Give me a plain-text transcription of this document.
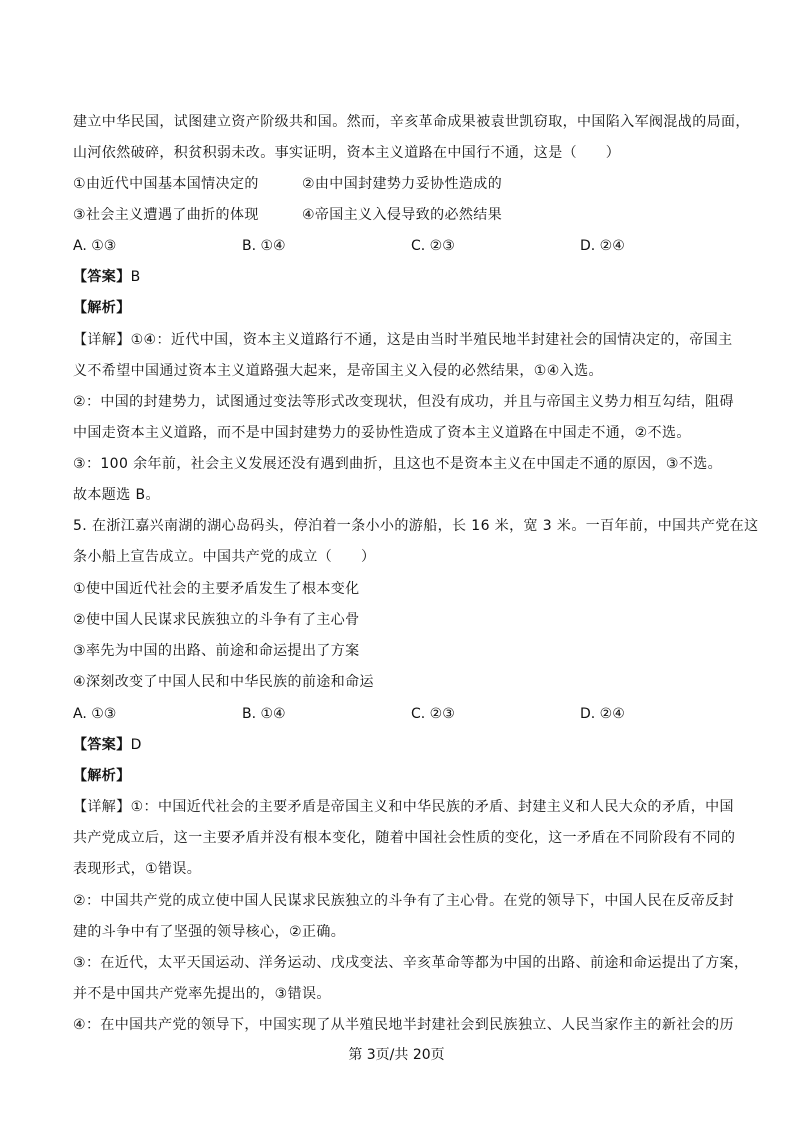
建立中华民国，试图建立资产阶级共和国。然而，辛亥革命成果被袁世凯窃取，中国陷入军阀混战的局面，
山河依然破碎，积贫积弱未改。事实证明，资本主义道路在中国行不通，这是（　　）
①由近代中国基本国情决定的　　　②由中国封建势力妥协性造成的
③社会主义遭遇了曲折的体现　　　④帝国主义入侵导致的必然结果
A. ①③	B. ①④	C. ②③	D. ②④
【答案】B
【解析】
【详解】①④：近代中国，资本主义道路行不通，这是由当时半殖民地半封建社会的国情决定的，帝国主
义不希望中国通过资本主义道路强大起来，是帝国主义入侵的必然结果，①④入选。
②：中国的封建势力，试图通过变法等形式改变现状，但没有成功，并且与帝国主义势力相互勾结，阻碍
中国走资本主义道路，而不是中国封建势力的妥协性造成了资本主义道路在中国走不通，②不选。
③：100 余年前，社会主义发展还没有遇到曲折，且这也不是资本主义在中国走不通的原因，③不选。
故本题选 B。
5. 在浙江嘉兴南湖的湖心岛码头，停泊着一条小小的游船，长 16 米，宽 3 米。一百年前，中国共产党在这
条小船上宣告成立。中国共产党的成立（　　）
①使中国近代社会的主要矛盾发生了根本变化
②使中国人民谋求民族独立的斗争有了主心骨
③率先为中国的出路、前途和命运提出了方案
④深刻改变了中国人民和中华民族的前途和命运
A. ①③	B. ①④	C. ②③	D. ②④
【答案】D
【解析】
【详解】①：中国近代社会的主要矛盾是帝国主义和中华民族的矛盾、封建主义和人民大众的矛盾，中国
共产党成立后，这一主要矛盾并没有根本变化，随着中国社会性质的变化，这一矛盾在不同阶段有不同的
表现形式，①错误。
②：中国共产党的成立使中国人民谋求民族独立的斗争有了主心骨。在党的领导下，中国人民在反帝反封
建的斗争中有了坚强的领导核心，②正确。
③：在近代，太平天国运动、洋务运动、戊戌变法、辛亥革命等都为中国的出路、前途和命运提出了方案，
并不是中国共产党率先提出的，③错误。
④：在中国共产党的领导下，中国实现了从半殖民地半封建社会到民族独立、人民当家作主的新社会的历
第 3页/共 20页
